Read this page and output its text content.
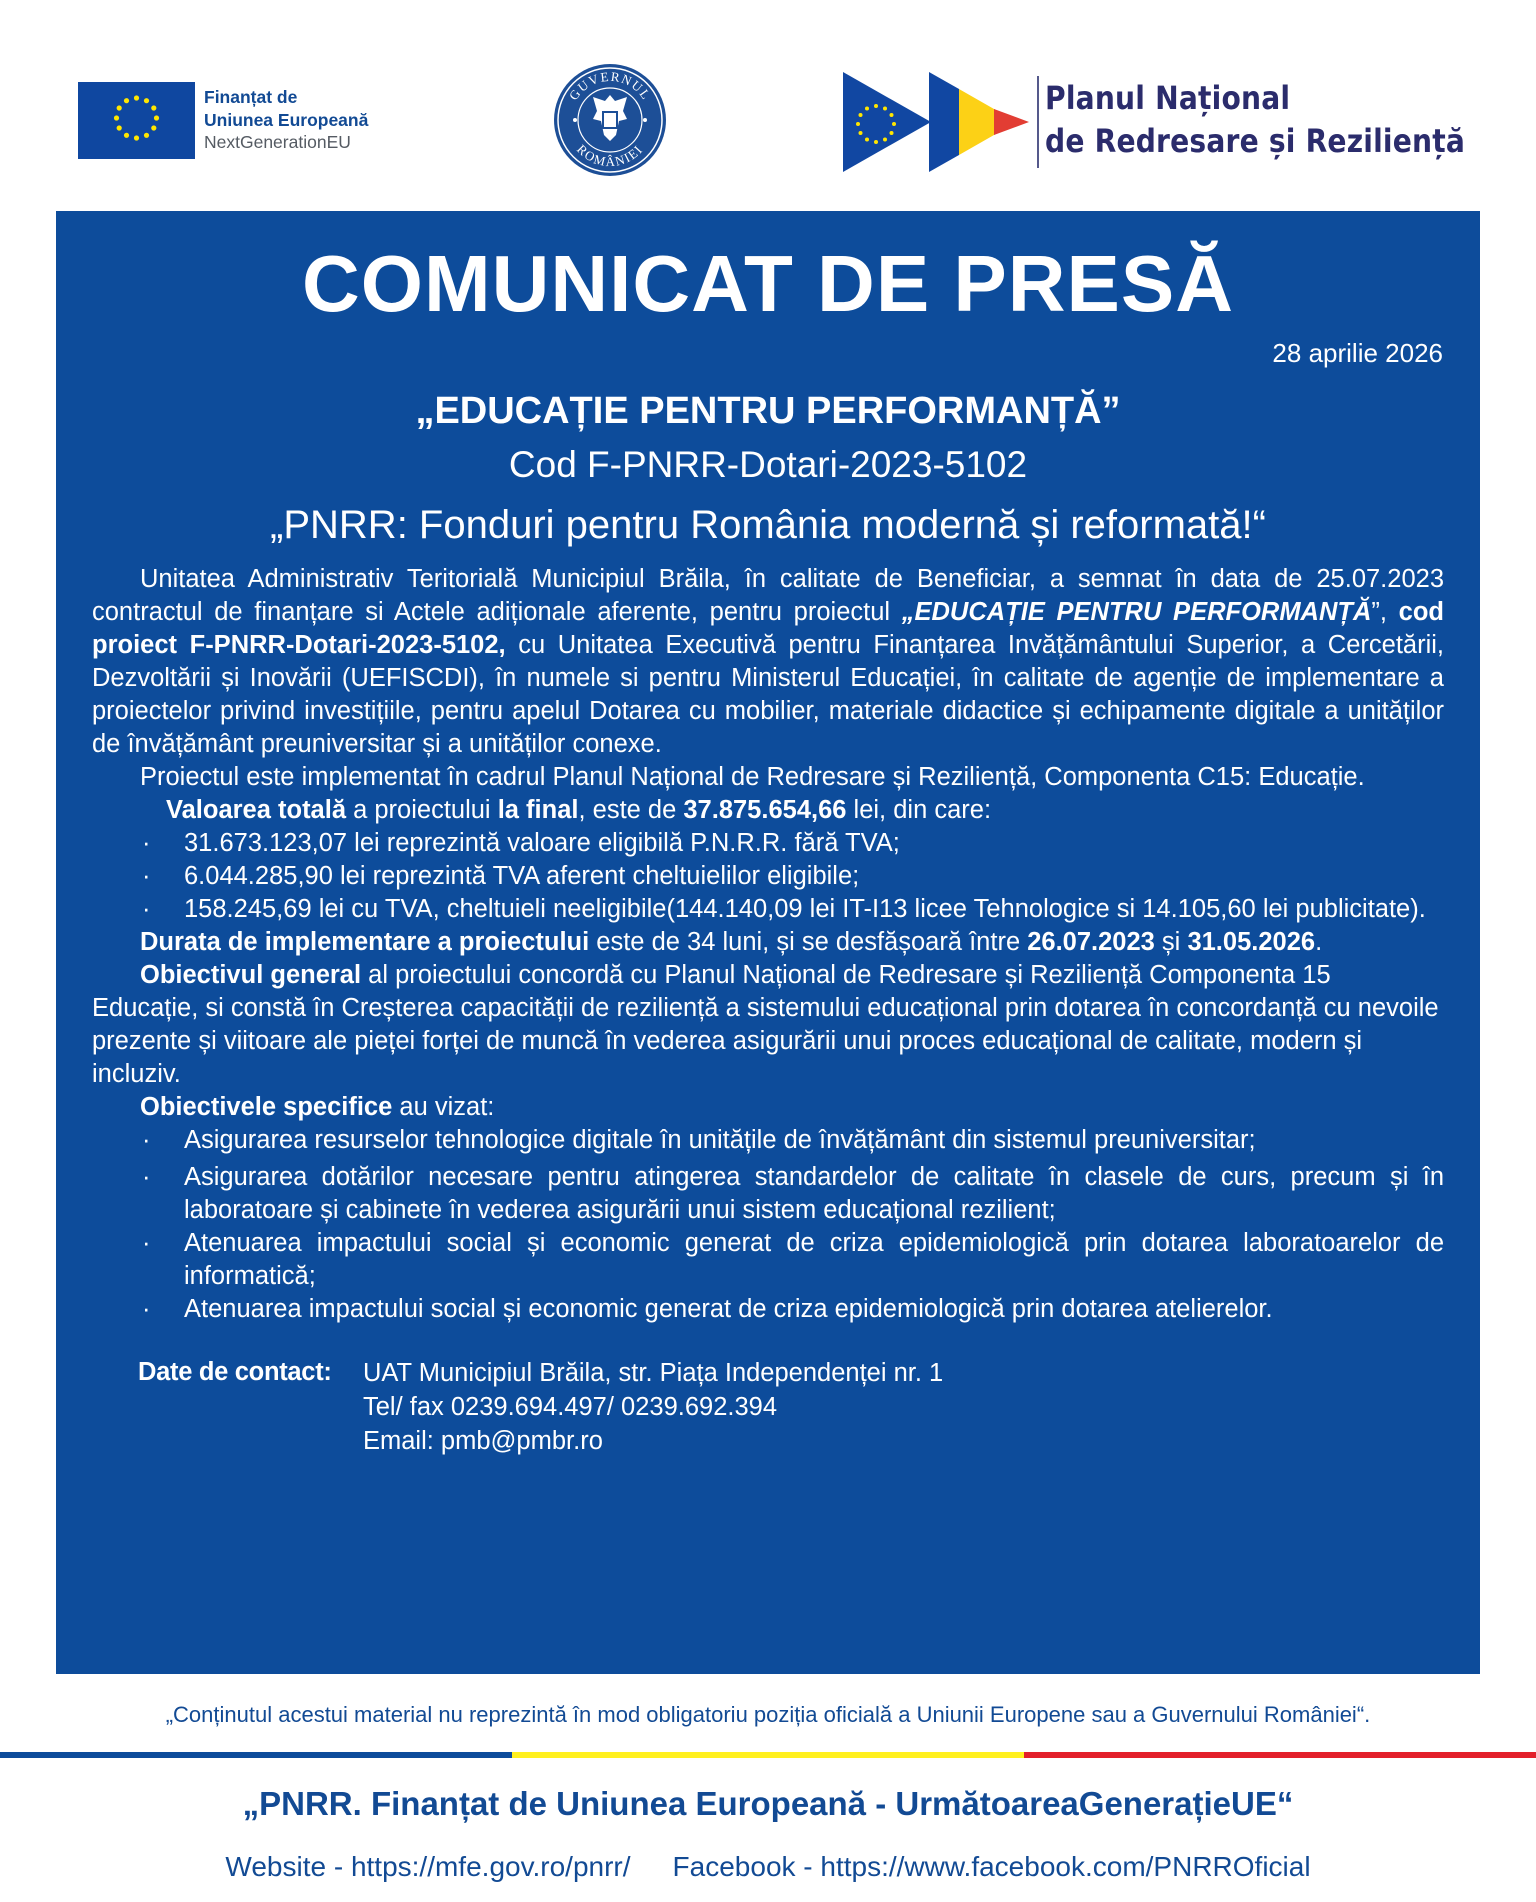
Finanțat de
Uniunea Europeană
NextGenerationEU
GUVERNUL
ROMÂNIEI
Planul Național
de Redresare și Reziliență
COMUNICAT DE PRESĂ
28 aprilie 2026
„EDUCAȚIE PENTRU PERFORMANȚĂ”
Cod F-PNRR-Dotari-2023-5102
„PNRR: Fonduri pentru România modernă și reformată!“

Unitatea Administrativ Teritorială Municipiul Brăila, în calitate de Beneficiar, a semnat în data de 25.07.2023 contractul de finanțare si Actele adiționale aferente, pentru proiectul „EDUCAȚIE PENTRU PERFORMANȚĂ”, cod proiect F-PNRR-Dotari-2023-5102, cu Unitatea Executivă pentru Finanțarea Invățământului Superior, a Cercetării, Dezvoltării și Inovării (UEFISCDI), în numele si pentru Ministerul Educației, în calitate de agenție de implementare a proiectelor privind investițiile, pentru apelul Dotarea cu mobilier, materiale didactice și echipamente digitale a unităților de învățământ preuniversitar și a unităților conexe.

Proiectul este implementat în cadrul Planul Național de Redresare și Reziliență, Componenta C15: Educație.

Valoarea totală a proiectului la final, este de 37.875.654,66 lei, din care:

· 31.673.123,07 lei reprezintă valoare eligibilă P.N.R.R. fără TVA;
· 6.044.285,90 lei reprezintă TVA aferent cheltuielilor eligibile;
· 158.245,69 lei cu TVA, cheltuieli neeligibile(144.140,09 lei IT-I13 licee Tehnologice si 14.105,60 lei publicitate).

Durata de implementare a proiectului este de 34 luni, și se desfășoară între 26.07.2023 și 31.05.2026.

Obiectivul general al proiectului concordă cu Planul Național de Redresare și Reziliență Componenta 15 Educație, si constă în Creșterea capacității de reziliență a sistemului educațional prin dotarea în concordanță cu nevoile prezente și viitoare ale pieței forței de muncă în vederea asigurării unui proces educațional de calitate, modern și incluziv.

Obiectivele specifice au vizat:

· Asigurarea resurselor tehnologice digitale în unitățile de învățământ din sistemul preuniversitar;
· Asigurarea dotărilor necesare pentru atingerea standardelor de calitate în clasele de curs, precum și în laboratoare și cabinete în vederea asigurării unui sistem educațional rezilient;
· Atenuarea impactului social și economic generat de criza epidemiologică prin dotarea laboratoarelor de informatică;
· Atenuarea impactului social și economic generat de criza epidemiologică prin dotarea atelierelor.
Date de contact:	UAT Municipiul Brăila, str. Piața Independenței nr. 1
Tel/ fax 0239.694.497/ 0239.692.394
Email: pmb@pmbr.ro
„Conținutul acestui material nu reprezintă în mod obligatoriu poziția oficială a Uniunii Europene sau a Guvernului României“.
„PNRR. Finanțat de Uniunea Europeană - UrmătoareaGenerațieUE“
Website - https://mfe.gov.ro/pnrr/ Facebook - https://www.facebook.com/PNRROficial
